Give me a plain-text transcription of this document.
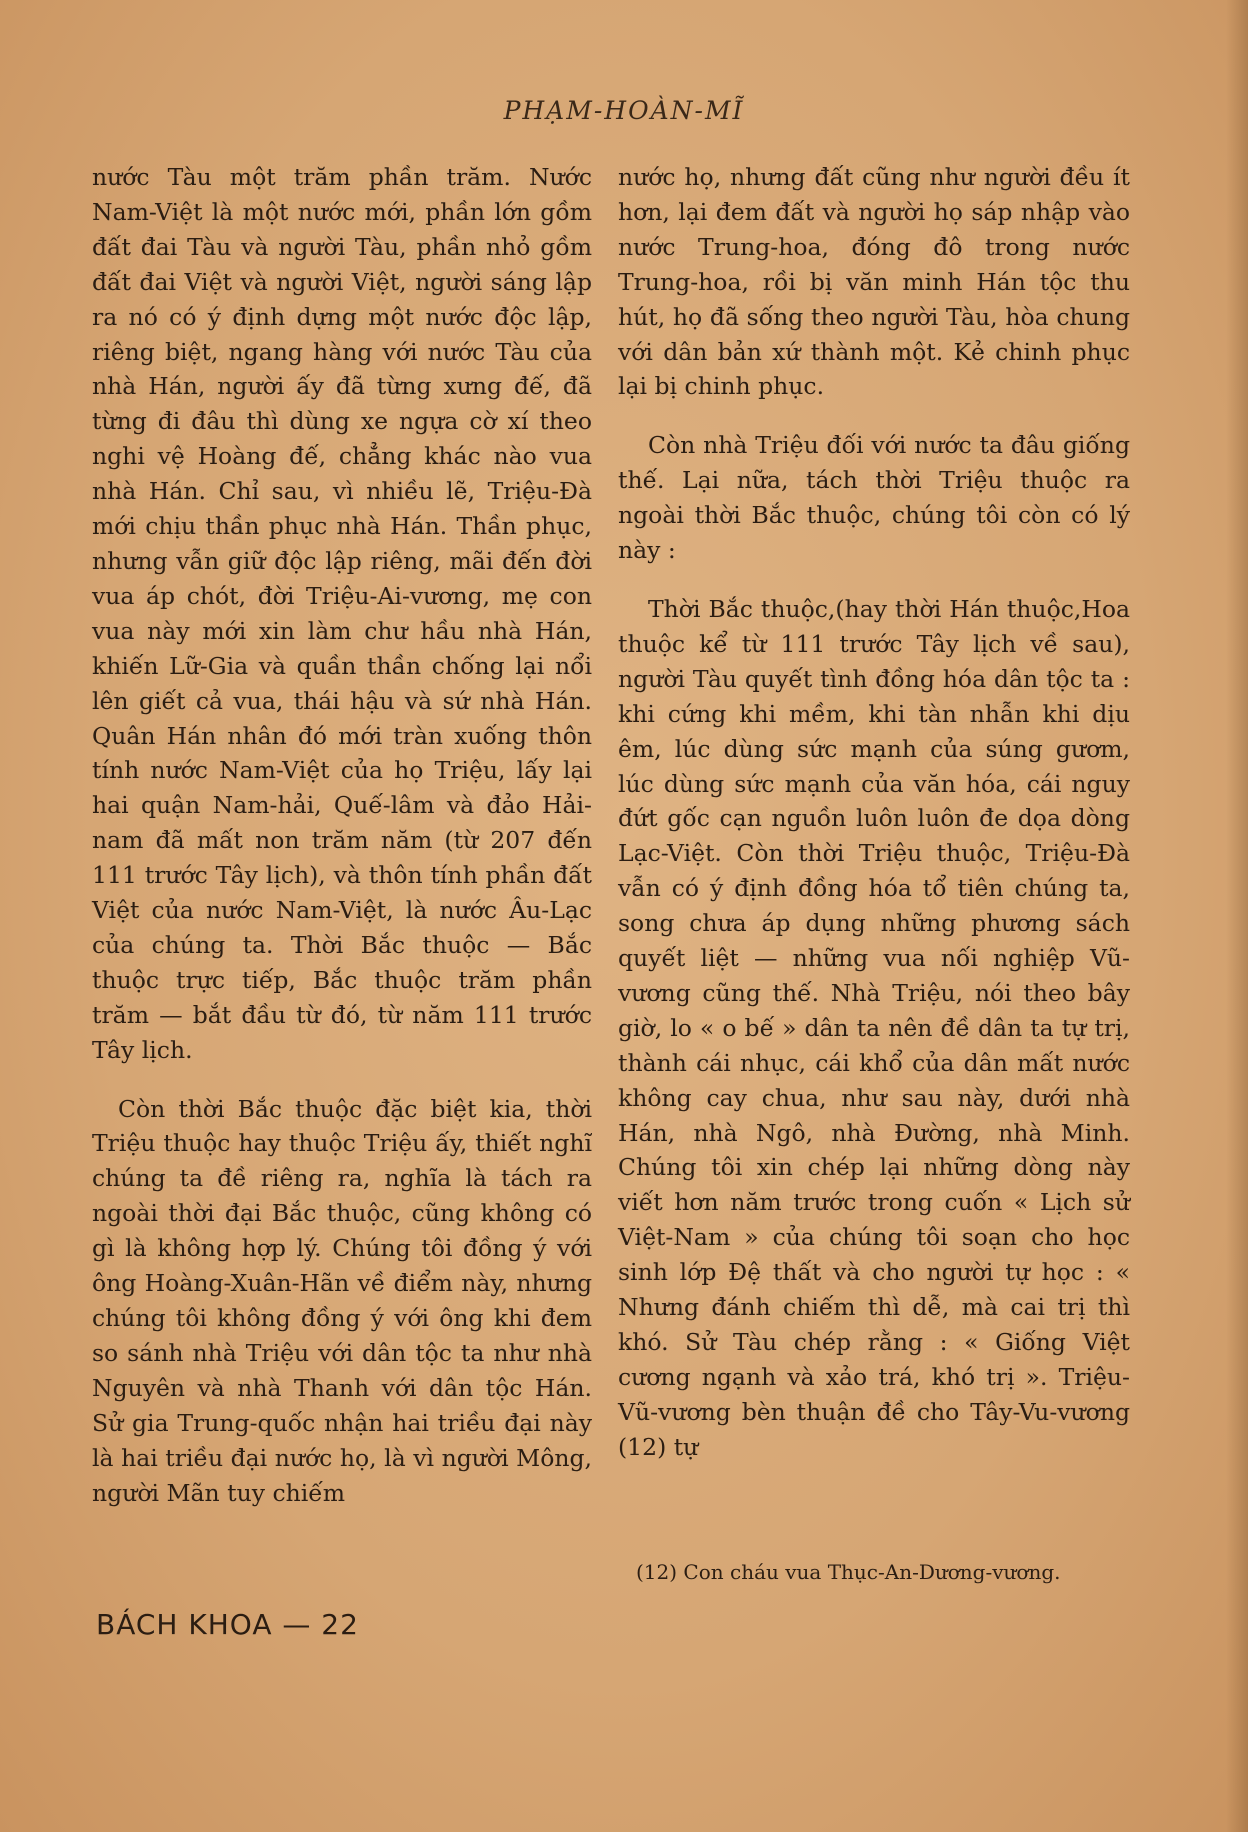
PHẠM-HOÀN-MĨ

nước Tàu một trăm phần trăm. Nước Nam-Việt là một nước mới, phần lớn gồm đất đai Tàu và người Tàu, phần nhỏ gồm đất đai Việt và người Việt, người sáng lập ra nó có ý định dựng một nước độc lập, riêng biệt, ngang hàng với nước Tàu của nhà Hán, người ấy đã từng xưng đế, đã từng đi đâu thì dùng xe ngựa cờ xí theo nghi vệ Hoàng đế, chẳng khác nào vua nhà Hán. Chỉ sau, vì nhiều lẽ, Triệu-Đà mới chịu thần phục nhà Hán. Thần phục, nhưng vẫn giữ độc lập riêng, mãi đến đời vua áp chót, đời Triệu-Ai-vương, mẹ con vua này mới xin làm chư hầu nhà Hán, khiến Lữ-Gia và quần thần chống lại nổi lên giết cả vua, thái hậu và sứ nhà Hán. Quân Hán nhân đó mới tràn xuống thôn tính nước Nam-Việt của họ Triệu, lấy lại hai quận Nam-hải, Quế-lâm và đảo Hải-nam đã mất non trăm năm (từ 207 đến 111 trước Tây lịch), và thôn tính phần đất Việt của nước Nam-Việt, là nước Âu-Lạc của chúng ta. Thời Bắc thuộc — Bắc thuộc trực tiếp, Bắc thuộc trăm phần trăm — bắt đầu từ đó, từ năm 111 trước Tây lịch.

Còn thời Bắc thuộc đặc biệt kia, thời Triệu thuộc hay thuộc Triệu ấy, thiết nghĩ chúng ta đề riêng ra, nghĩa là tách ra ngoài thời đại Bắc thuộc, cũng không có gì là không hợp lý. Chúng tôi đồng ý với ông Hoàng-Xuân-Hãn về điểm này, nhưng chúng tôi không đồng ý với ông khi đem so sánh nhà Triệu với dân tộc ta như nhà Nguyên và nhà Thanh với dân tộc Hán. Sử gia Trung-quốc nhận hai triều đại này là hai triều đại nước họ, là vì người Mông, người Mãn tuy chiếm

nước họ, nhưng đất cũng như người đều ít hơn, lại đem đất và người họ sáp nhập vào nước Trung-hoa, đóng đô trong nước Trung-hoa, rồi bị văn minh Hán tộc thu hút, họ đã sống theo người Tàu, hòa chung với dân bản xứ thành một. Kẻ chinh phục lại bị chinh phục.

Còn nhà Triệu đối với nước ta đâu giống thế. Lại nữa, tách thời Triệu thuộc ra ngoài thời Bắc thuộc, chúng tôi còn có lý này :

Thời Bắc thuộc,(hay thời Hán thuộc,Hoa thuộc kể từ 111 trước Tây lịch về sau), người Tàu quyết tình đồng hóa dân tộc ta : khi cứng khi mềm, khi tàn nhẫn khi dịu êm, lúc dùng sức mạnh của súng gươm, lúc dùng sức mạnh của văn hóa, cái nguy đứt gốc cạn nguồn luôn luôn đe dọa dòng Lạc-Việt. Còn thời Triệu thuộc, Triệu-Đà vẫn có ý định đồng hóa tổ tiên chúng ta, song chưa áp dụng những phương sách quyết liệt — những vua nối nghiệp Vũ-vương cũng thế. Nhà Triệu, nói theo bây giờ, lo « o bế » dân ta nên đề dân ta tự trị, thành cái nhục, cái khổ của dân mất nước không cay chua, như sau này, dưới nhà Hán, nhà Ngô, nhà Đường, nhà Minh. Chúng tôi xin chép lại những dòng này viết hơn năm trước trong cuốn « Lịch sử Việt-Nam » của chúng tôi soạn cho học sinh lớp Đệ thất và cho người tự học : « Nhưng đánh chiếm thì dễ, mà cai trị thì khó. Sử Tàu chép rằng : « Giống Việt cương ngạnh và xảo trá, khó trị ». Triệu-Vũ-vương bèn thuận đề cho Tây-Vu-vương (12) tự

(12) Con cháu vua Thục-An-Dương-vương.
BÁCH KHOA — 22
